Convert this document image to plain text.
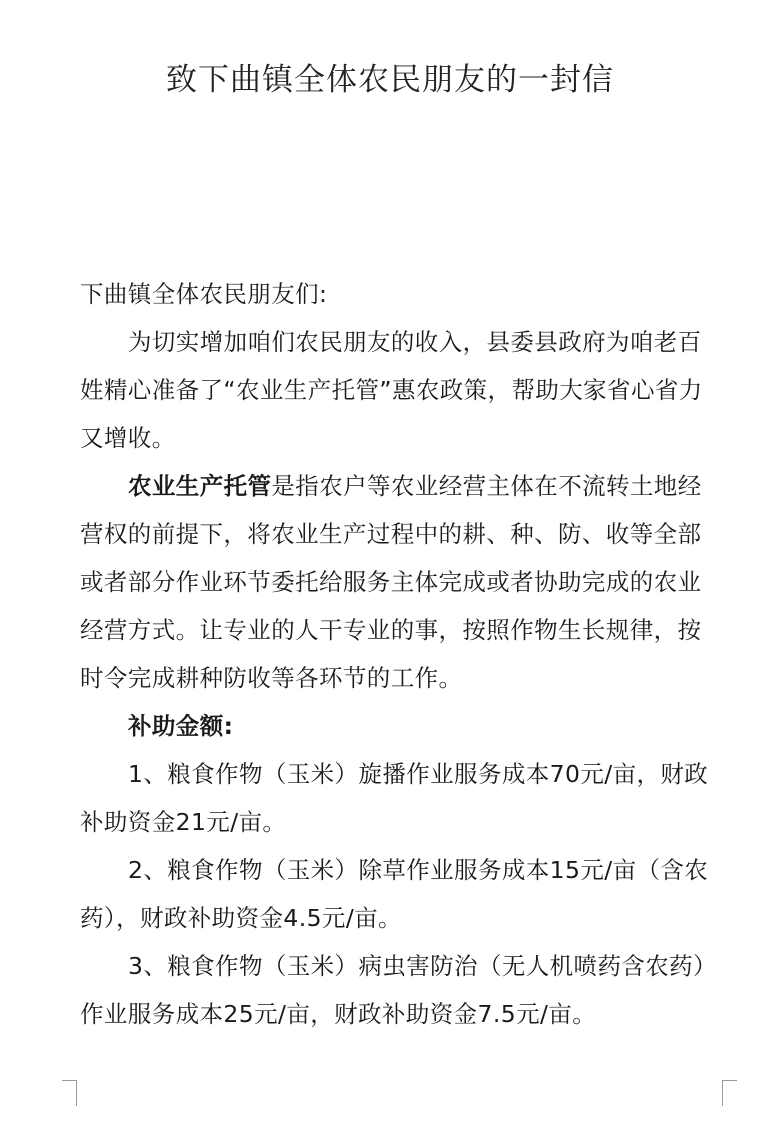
致下曲镇全体农民朋友的一封信

下曲镇全体农民朋友们:

为切实增加咱们农民朋友的收入，县委县政府为咱老百姓精心准备了“农业生产托管”惠农政策，帮助大家省心省力又增收。

农业生产托管是指农户等农业经营主体在不流转土地经营权的前提下，将农业生产过程中的耕、种、防、收等全部或者部分作业环节委托给服务主体完成或者协助完成的农业经营方式。让专业的人干专业的事，按照作物生长规律，按时令完成耕种防收等各环节的工作。

补助金额:

1、粮食作物（玉米）旋播作业服务成本70元/亩，财政补助资金21元/亩。

2、粮食作物（玉米）除草作业服务成本15元/亩（含农药），财政补助资金4.5元/亩。

3、粮食作物（玉米）病虫害防治（无人机喷药含农药）作业服务成本25元/亩，财政补助资金7.5元/亩。
